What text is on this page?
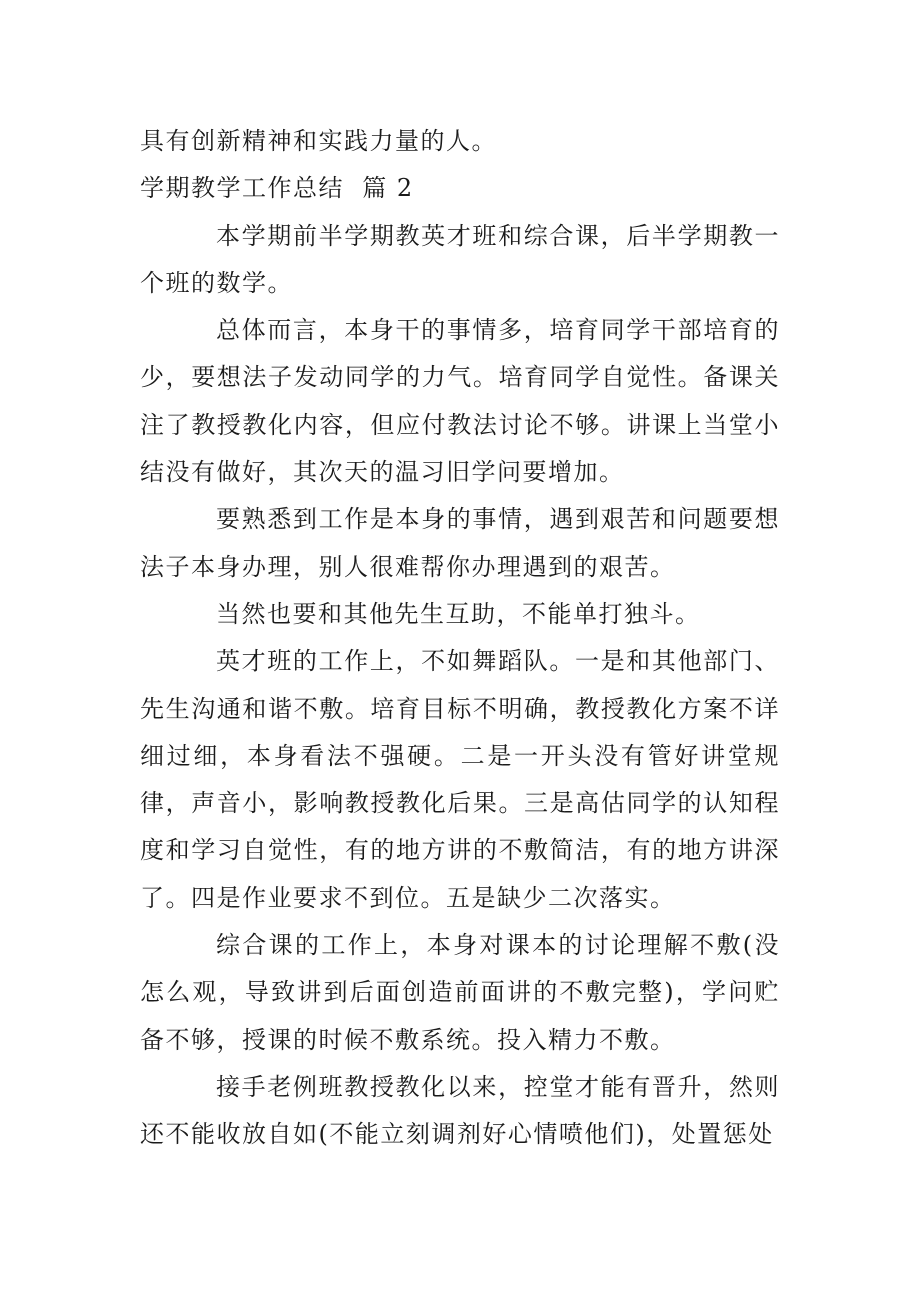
具有创新精神和实践力量的人。

学期教学工作总结  篇 2

本学期前半学期教英才班和综合课，后半学期教一个班的数学。

总体而言，本身干的事情多，培育同学干部培育的少，要想法子发动同学的力气。培育同学自觉性。备课关注了教授教化内容，但应付教法讨论不够。讲课上当堂小结没有做好，其次天的温习旧学问要增加。

要熟悉到工作是本身的事情，遇到艰苦和问题要想法子本身办理，别人很难帮你办理遇到的艰苦。

当然也要和其他先生互助，不能单打独斗。

英才班的工作上，不如舞蹈队。一是和其他部门、先生沟通和谐不敷。培育目标不明确，教授教化方案不详细过细，本身看法不强硬。二是一开头没有管好讲堂规律，声音小，影响教授教化后果。三是高估同学的认知程度和学习自觉性，有的地方讲的不敷简洁，有的地方讲深了。四是作业要求不到位。五是缺少二次落实。

综合课的工作上，本身对课本的讨论理解不敷(没怎么观，导致讲到后面创造前面讲的不敷完整)，学问贮备不够，授课的时候不敷系统。投入精力不敷。

接手老例班教授教化以来，控堂才能有晋升，然则还不能收放自如(不能立刻调剂好心情喷他们)，处置惩处
